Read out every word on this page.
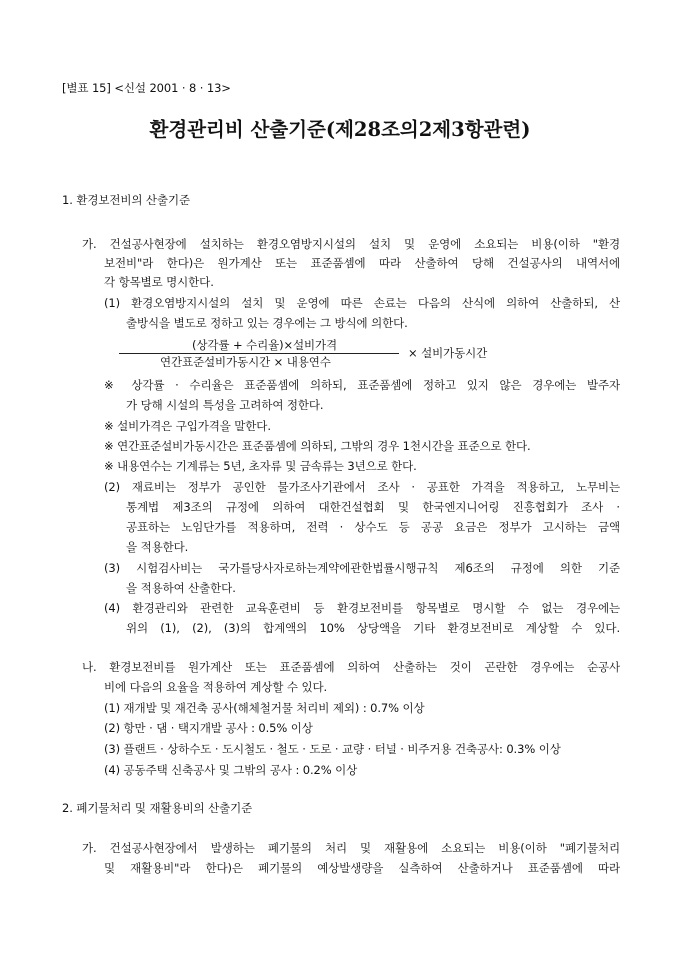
[별표 15] <신설 2001 · 8 · 13>
환경관리비 산출기준(제28조의2제3항관련)
1. 환경보전비의 산출기준
가. 건설공사현장에 설치하는 환경오염방지시설의 설치 및 운영에 소요되는 비용(이하 "환경
보전비"라 한다)은 원가계산 또는 표준품셈에 따라 산출하여 당해 건설공사의 내역서에
각 항목별로 명시한다.
(1) 환경오염방지시설의 설치 및 운영에 따른 손료는 다음의 산식에 의하여 산출하되, 산
출방식을 별도로 정하고 있는 경우에는 그 방식에 의한다.
(상각률 + 수리율)×설비가격
연간표준설비가동시간 × 내용연수
× 설비가동시간
※ 상각률 · 수리율은 표준품셈에 의하되, 표준품셈에 정하고 있지 않은 경우에는 발주자
가 당해 시설의 특성을 고려하여 정한다.
※ 설비가격은 구입가격을 말한다.
※ 연간표준설비가동시간은 표준품셈에 의하되, 그밖의 경우 1천시간을 표준으로 한다.
※ 내용연수는 기계류는 5년, 초자류 및 금속류는 3년으로 한다.
(2) 재료비는 정부가 공인한 물가조사기관에서 조사 · 공표한 가격을 적용하고, 노무비는
통계법 제3조의 규정에 의하여 대한건설협회 및 한국엔지니어링 진흥협회가 조사 ·
공표하는 노임단가를 적용하며, 전력 · 상수도 등 공공 요금은 정부가 고시하는 금액
을 적용한다.
(3) 시험검사비는 국가를당사자로하는계약에관한법률시행규칙 제6조의 규정에 의한 기준
을 적용하여 산출한다.
(4) 환경관리와 관련한 교육훈련비 등 환경보전비를 항목별로 명시할 수 없는 경우에는
위의 (1), (2), (3)의 합계액의 10% 상당액을 기타 환경보전비로 계상할 수 있다.
나. 환경보전비를 원가계산 또는 표준품셈에 의하여 산출하는 것이 곤란한 경우에는 순공사
비에 다음의 요율을 적용하여 계상할 수 있다.
(1) 재개발 및 재건축 공사(해체철거물 처리비 제외) : 0.7% 이상
(2) 항만 · 댐 · 택지개발 공사 : 0.5% 이상
(3) 플랜트 · 상하수도 · 도시철도 · 철도 · 도로 · 교량 · 터널 · 비주거용 건축공사: 0.3% 이상
(4) 공동주택 신축공사 및 그밖의 공사 : 0.2% 이상
2. 폐기물처리 및 재활용비의 산출기준
가. 건설공사현장에서 발생하는 폐기물의 처리 및 재활용에 소요되는 비용(이하 "폐기물처리
및 재활용비"라 한다)은 폐기물의 예상발생량을 실측하여 산출하거나 표준품셈에 따라
